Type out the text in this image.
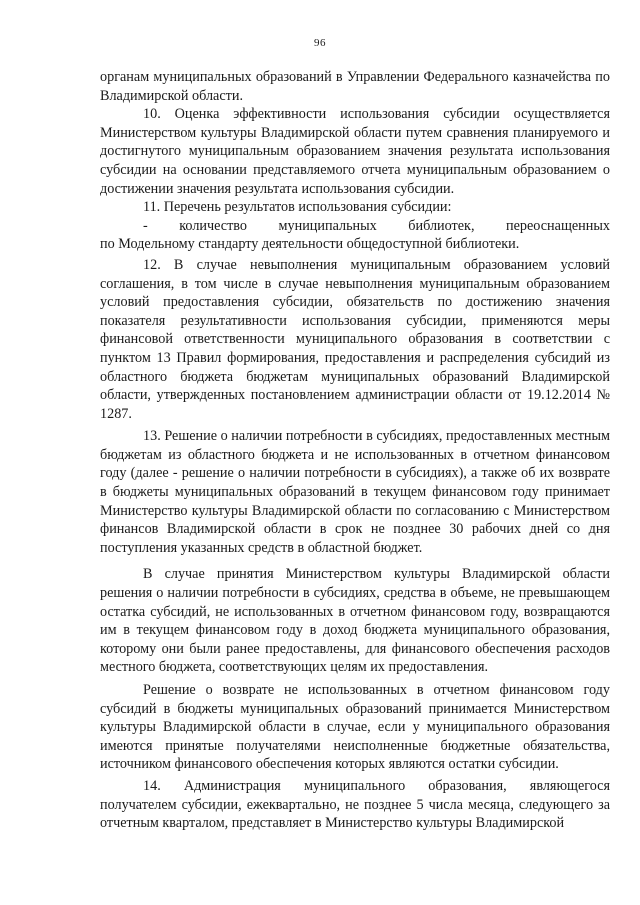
96

органам муниципальных образований в Управлении Федерального казначейства по Владимирской области.

10. Оценка эффективности использования субсидии осуществляется Министерством культуры Владимирской области путем сравнения планируемого и достигнутого муниципальным образованием значения результата использования субсидии на основании представляемого отчета муниципальным образованием о достижении значения результата использования субсидии.

11. Перечень результатов использования субсидии:

- количество муниципальных библиотек, переоснащенных

по Модельному стандарту деятельности общедоступной библиотеки.

12. В случае невыполнения муниципальным образованием условий соглашения, в том числе в случае невыполнения муниципальным образованием условий предоставления субсидии, обязательств по достижению значения показателя результативности использования субсидии, применяются меры финансовой ответственности муниципального образования в соответствии с пунктом 13 Правил формирования, предоставления и распределения субсидий из областного бюджета бюджетам муниципальных образований Владимирской области, утвержденных постановлением администрации области от 19.12.2014 № 1287.

13. Решение о наличии потребности в субсидиях, предоставленных местным бюджетам из областного бюджета и не использованных в отчетном финансовом году (далее - решение о наличии потребности в субсидиях), а также об их возврате в бюджеты муниципальных образований в текущем финансовом году принимает Министерство культуры Владимирской области по согласованию с Министерством финансов Владимирской области в срок не позднее 30 рабочих дней со дня поступления указанных средств в областной бюджет.

В случае принятия Министерством культуры Владимирской области решения о наличии потребности в субсидиях, средства в объеме, не превышающем остатка субсидий, не использованных в отчетном финансовом году, возвращаются им в текущем финансовом году в доход бюджета муниципального образования, которому они были ранее предоставлены, для финансового обеспечения расходов местного бюджета, соответствующих целям их предоставления.

Решение о возврате не использованных в отчетном финансовом году субсидий в бюджеты муниципальных образований принимается Министерством культуры Владимирской области в случае, если у муниципального образования имеются принятые получателями неисполненные бюджетные обязательства, источником финансового обеспечения которых являются остатки субсидии.

14. Администрация муниципального образования, являющегося получателем субсидии, ежеквартально, не позднее 5 числа месяца, следующего за отчетным кварталом, представляет в Министерство культуры Владимирской
